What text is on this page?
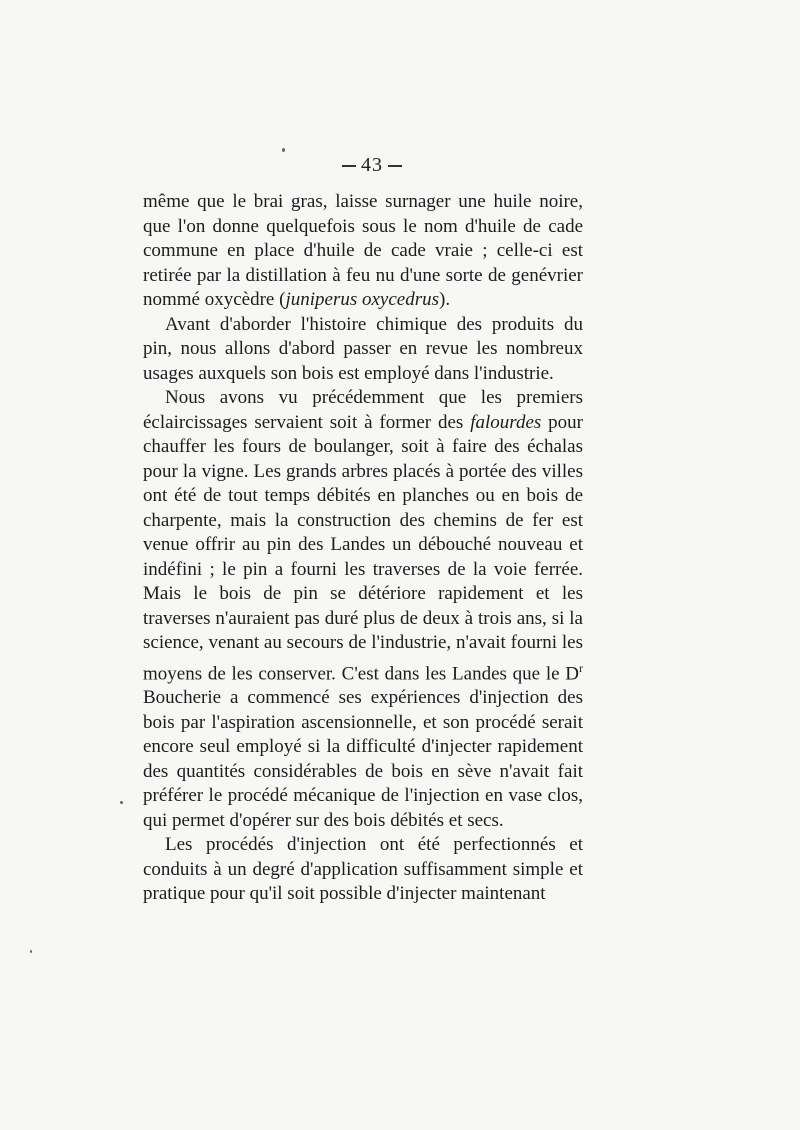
43

même que le brai gras, laisse surnager une huile noire, que l'on donne quelquefois sous le nom d'huile de cade commune en place d'huile de cade vraie ; celle-ci est retirée par la distillation à feu nu d'une sorte de genévrier nommé oxycèdre (juniperus oxycedrus).

Avant d'aborder l'histoire chimique des produits du pin, nous allons d'abord passer en revue les nombreux usages auxquels son bois est employé dans l'industrie.

Nous avons vu précédemment que les premiers éclaircissages servaient soit à former des falourdes pour chauffer les fours de boulanger, soit à faire des échalas pour la vigne. Les grands arbres placés à portée des villes ont été de tout temps débités en planches ou en bois de charpente, mais la construction des chemins de fer est venue offrir au pin des Landes un débouché nouveau et indéfini ; le pin a fourni les traverses de la voie ferrée. Mais le bois de pin se détériore rapidement et les traverses n'auraient pas duré plus de deux à trois ans, si la science, venant au secours de l'industrie, n'avait fourni les moyens de les conserver. C'est dans les Landes que le $D^r$ Boucherie a commencé ses expériences d'injection des bois par l'aspiration ascensionnelle, et son procédé serait encore seul employé si la difficulté d'injecter rapidement des quantités considérables de bois en sève n'avait fait préférer le procédé mécanique de l'injection en vase clos, qui permet d'opérer sur des bois débités et secs.

Les procédés d'injection ont été perfectionnés et conduits à un degré d'application suffisamment simple et pratique pour qu'il soit possible d'injecter maintenant
